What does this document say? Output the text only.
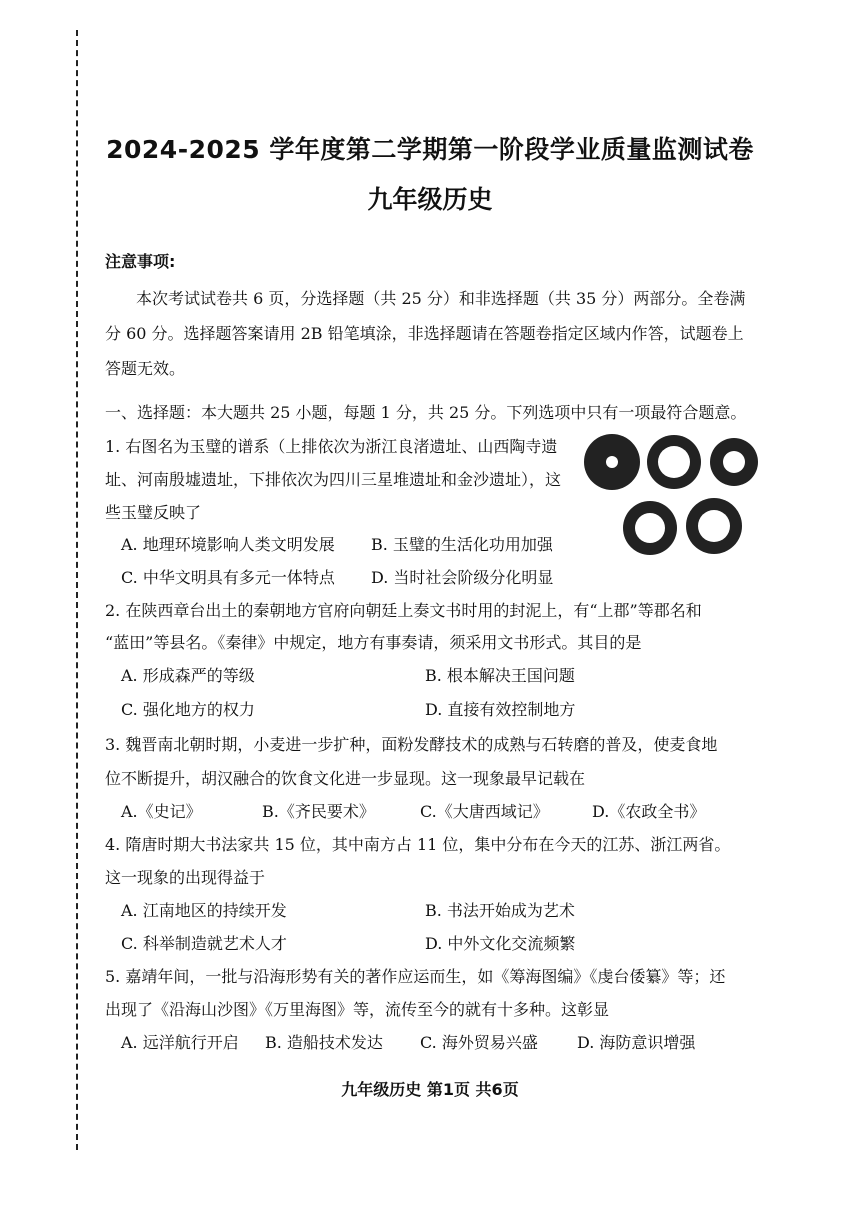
2024-2025 学年度第二学期第一阶段学业质量监测试卷
九年级历史
注意事项:
本次考试试卷共 6 页，分选择题（共 25 分）和非选择题（共 35 分）两部分。全卷满
分 60 分。选择题答案请用 2B 铅笔填涂，非选择题请在答题卷指定区域内作答，试题卷上
答题无效。
一、选择题：本大题共 25 小题，每题 1 分，共 25 分。下列选项中只有一项最符合题意。
1. 右图名为玉璧的谱系（上排依次为浙江良渚遗址、山西陶寺遗
址、河南殷墟遗址，下排依次为四川三星堆遗址和金沙遗址），这
些玉璧反映了
A. 地理环境影响人类文明发展 B. 玉璧的生活化功用加强
C. 中华文明具有多元一体特点 D. 当时社会阶级分化明显
2. 在陕西章台出土的秦朝地方官府向朝廷上奏文书时用的封泥上，有“上郡”等郡名和
“蓝田”等县名。《秦律》中规定，地方有事奏请，须采用文书形式。其目的是
A. 形成森严的等级	B. 根本解决王国问题
C. 强化地方的权力	D. 直接有效控制地方
3. 魏晋南北朝时期，小麦进一步扩种，面粉发酵技术的成熟与石转磨的普及，使麦食地
位不断提升，胡汉融合的饮食文化进一步显现。这一现象最早记载在
A.《史记》	B.《齐民要术》	C.《大唐西域记》	D.《农政全书》
4. 隋唐时期大书法家共 15 位，其中南方占 11 位，集中分布在今天的江苏、浙江两省。
这一现象的出现得益于
A. 江南地区的持续开发	B. 书法开始成为艺术
C. 科举制造就艺术人才	D. 中外文化交流频繁
5. 嘉靖年间，一批与沿海形势有关的著作应运而生，如《筹海图编》《虔台倭纂》等；还
出现了《沿海山沙图》《万里海图》等，流传至今的就有十多种。这彰显
A. 远洋航行开启 B. 造船技术发达 C. 海外贸易兴盛 D. 海防意识增强
九年级历史 第1页 共6页
